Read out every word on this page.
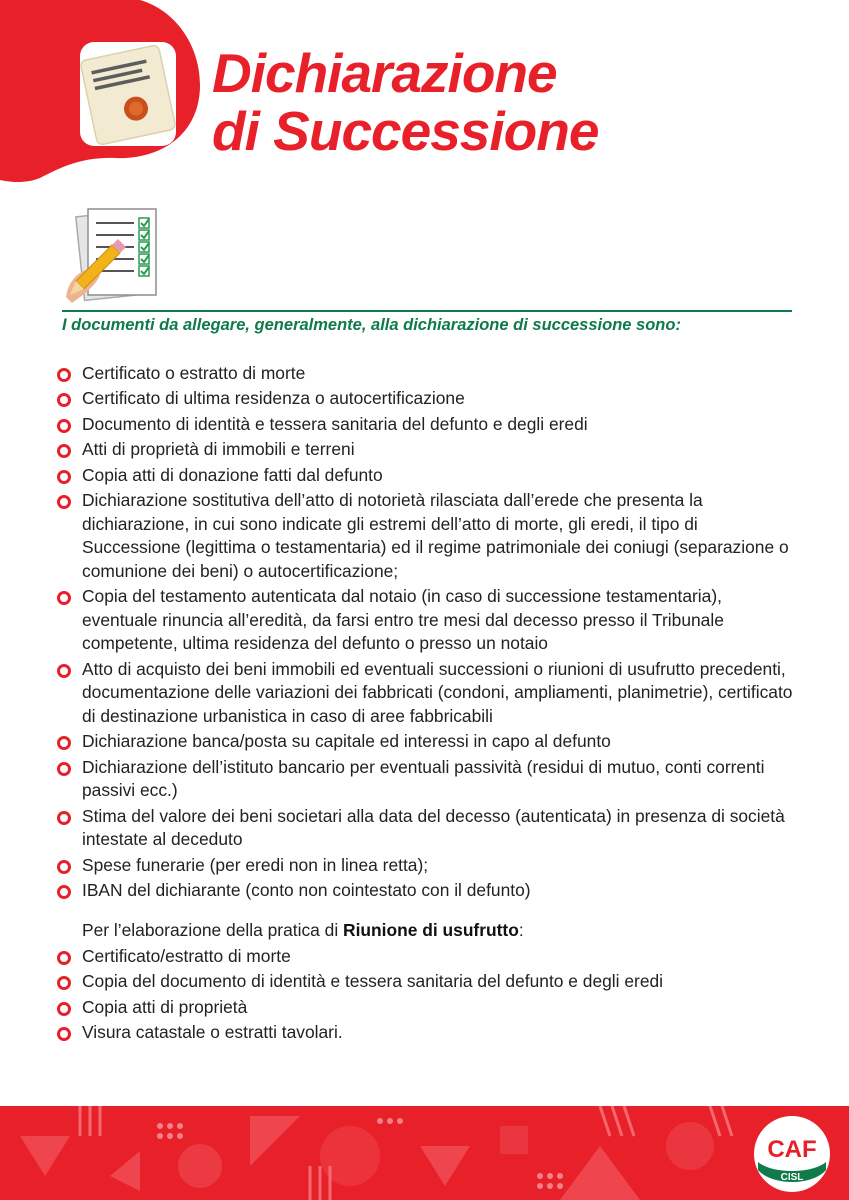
Dichiarazione
di Successione

I documenti da allegare, generalmente, alla dichiarazione di successione sono:

Certificato o estratto di morte
Certificato di ultima residenza o autocertificazione
Documento di identità e tessera sanitaria del defunto e degli eredi
Atti di proprietà di immobili e terreni
Copia atti di donazione fatti dal defunto
Dichiarazione sostitutiva dell’atto di notorietà rilasciata dall’erede che presenta la dichiarazione, in cui sono indicate gli estremi dell’atto di morte, gli eredi, il tipo di Successione (legittima o testamentaria) ed il regime patrimoniale dei coniugi (separazione o comunione dei beni) o autocertificazione;
Copia del testamento autenticata dal notaio (in caso di successione testamentaria), eventuale rinuncia all’eredità, da farsi entro tre mesi dal decesso presso il Tribunale competente, ultima residenza del defunto o presso un notaio
Atto di acquisto dei beni immobili ed eventuali successioni o riunioni di usufrutto precedenti, documentazione delle variazioni dei fabbricati (condoni, ampliamenti, planimetrie), certificato di destinazione urbanistica in caso di aree fabbricabili
Dichiarazione banca/posta su capitale ed interessi in capo al defunto
Dichiarazione dell’istituto bancario per eventuali passività (residui di mutuo, conti correnti passivi ecc.)
Stima del valore dei beni societari alla data del decesso (autenticata) in presenza di società intestate al deceduto
Spese funerarie (per eredi non in linea retta);
IBAN del dichiarante (conto non cointestato con il defunto)

Per l’elaborazione della pratica di Riunione di usufrutto:

Certificato/estratto di morte
Copia del documento di identità e tessera sanitaria del defunto e degli eredi
Copia atti di proprietà
Visura catastale o estratti tavolari.
CAF
CISL
